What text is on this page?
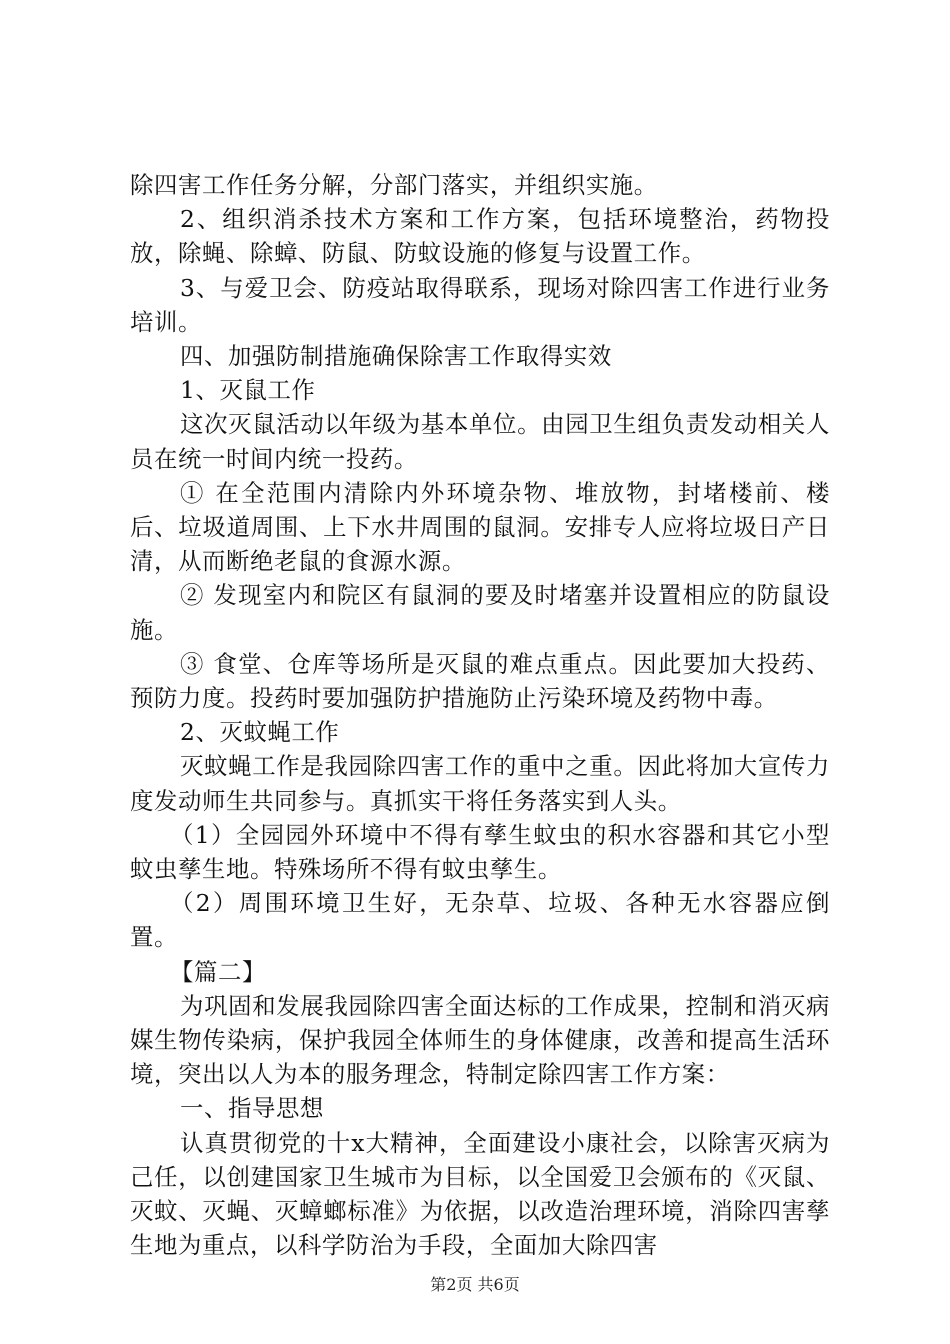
除四害工作任务分解，分部门落实，并组织实施。

2、组织消杀技术方案和工作方案，包括环境整治，药物投放，除蝇、除蟑、防鼠、防蚊设施的修复与设置工作。

3、与爱卫会、防疫站取得联系，现场对除四害工作进行业务培训。

四、加强防制措施确保除害工作取得实效

1、灭鼠工作

这次灭鼠活动以年级为基本单位。由园卫生组负责发动相关人员在统一时间内统一投药。

① 在全范围内清除内外环境杂物、堆放物，封堵楼前、楼后、垃圾道周围、上下水井周围的鼠洞。安排专人应将垃圾日产日清，从而断绝老鼠的食源水源。

② 发现室内和院区有鼠洞的要及时堵塞并设置相应的防鼠设施。

③ 食堂、仓库等场所是灭鼠的难点重点。因此要加大投药、预防力度。投药时要加强防护措施防止污染环境及药物中毒。

2、灭蚊蝇工作

灭蚊蝇工作是我园除四害工作的重中之重。因此将加大宣传力度发动师生共同参与。真抓实干将任务落实到人头。

（1）全园园外环境中不得有孳生蚊虫的积水容器和其它小型蚊虫孳生地。特殊场所不得有蚊虫孳生。

（2）周围环境卫生好，无杂草、垃圾、各种无水容器应倒置。

【篇二】

为巩固和发展我园除四害全面达标的工作成果，控制和消灭病媒生物传染病，保护我园全体师生的身体健康，改善和提高生活环境，突出以人为本的服务理念，特制定除四害工作方案：

一、指导思想

认真贯彻党的十x大精神，全面建设小康社会，以除害灭病为己任，以创建国家卫生城市为目标，以全国爱卫会颁布的《灭鼠、灭蚊、灭蝇、灭蟑螂标准》为依据，以改造治理环境，消除四害孳生地为重点，以科学防治为手段，全面加大除四害

第2页 共6页
